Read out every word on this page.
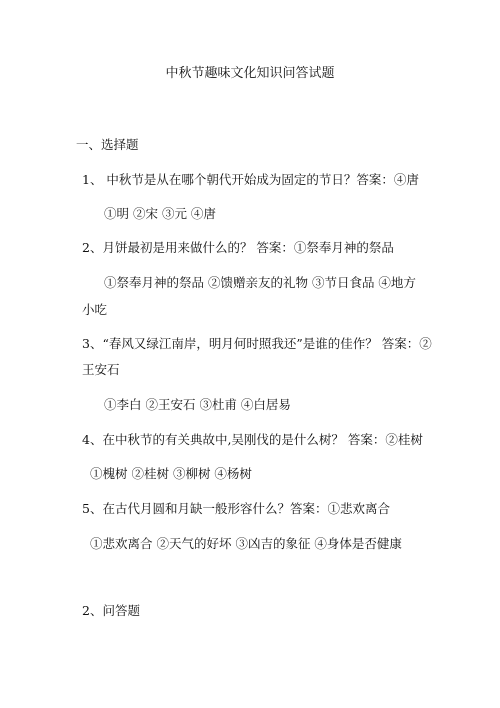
中秋节趣味文化知识问答试题
一、选择题
1、 中秋节是从在哪个朝代开始成为固定的节日？答案：④唐
①明 ②宋 ③元 ④唐
2、月饼最初是用来做什么的？ 答案：①祭奉月神的祭品
①祭奉月神的祭品 ②馈赠亲友的礼物 ③节日食品 ④地方
小吃
3、“春风又绿江南岸，明月何时照我还”是谁的佳作？ 答案：②
王安石
①李白 ②王安石 ③杜甫 ④白居易
4、在中秋节的有关典故中,吴刚伐的是什么树？ 答案：②桂树
①槐树 ②桂树 ③柳树 ④杨树
5、在古代月圆和月缺一般形容什么？答案：①悲欢离合
①悲欢离合 ②天气的好坏 ③凶吉的象征 ④身体是否健康
2、问答题
